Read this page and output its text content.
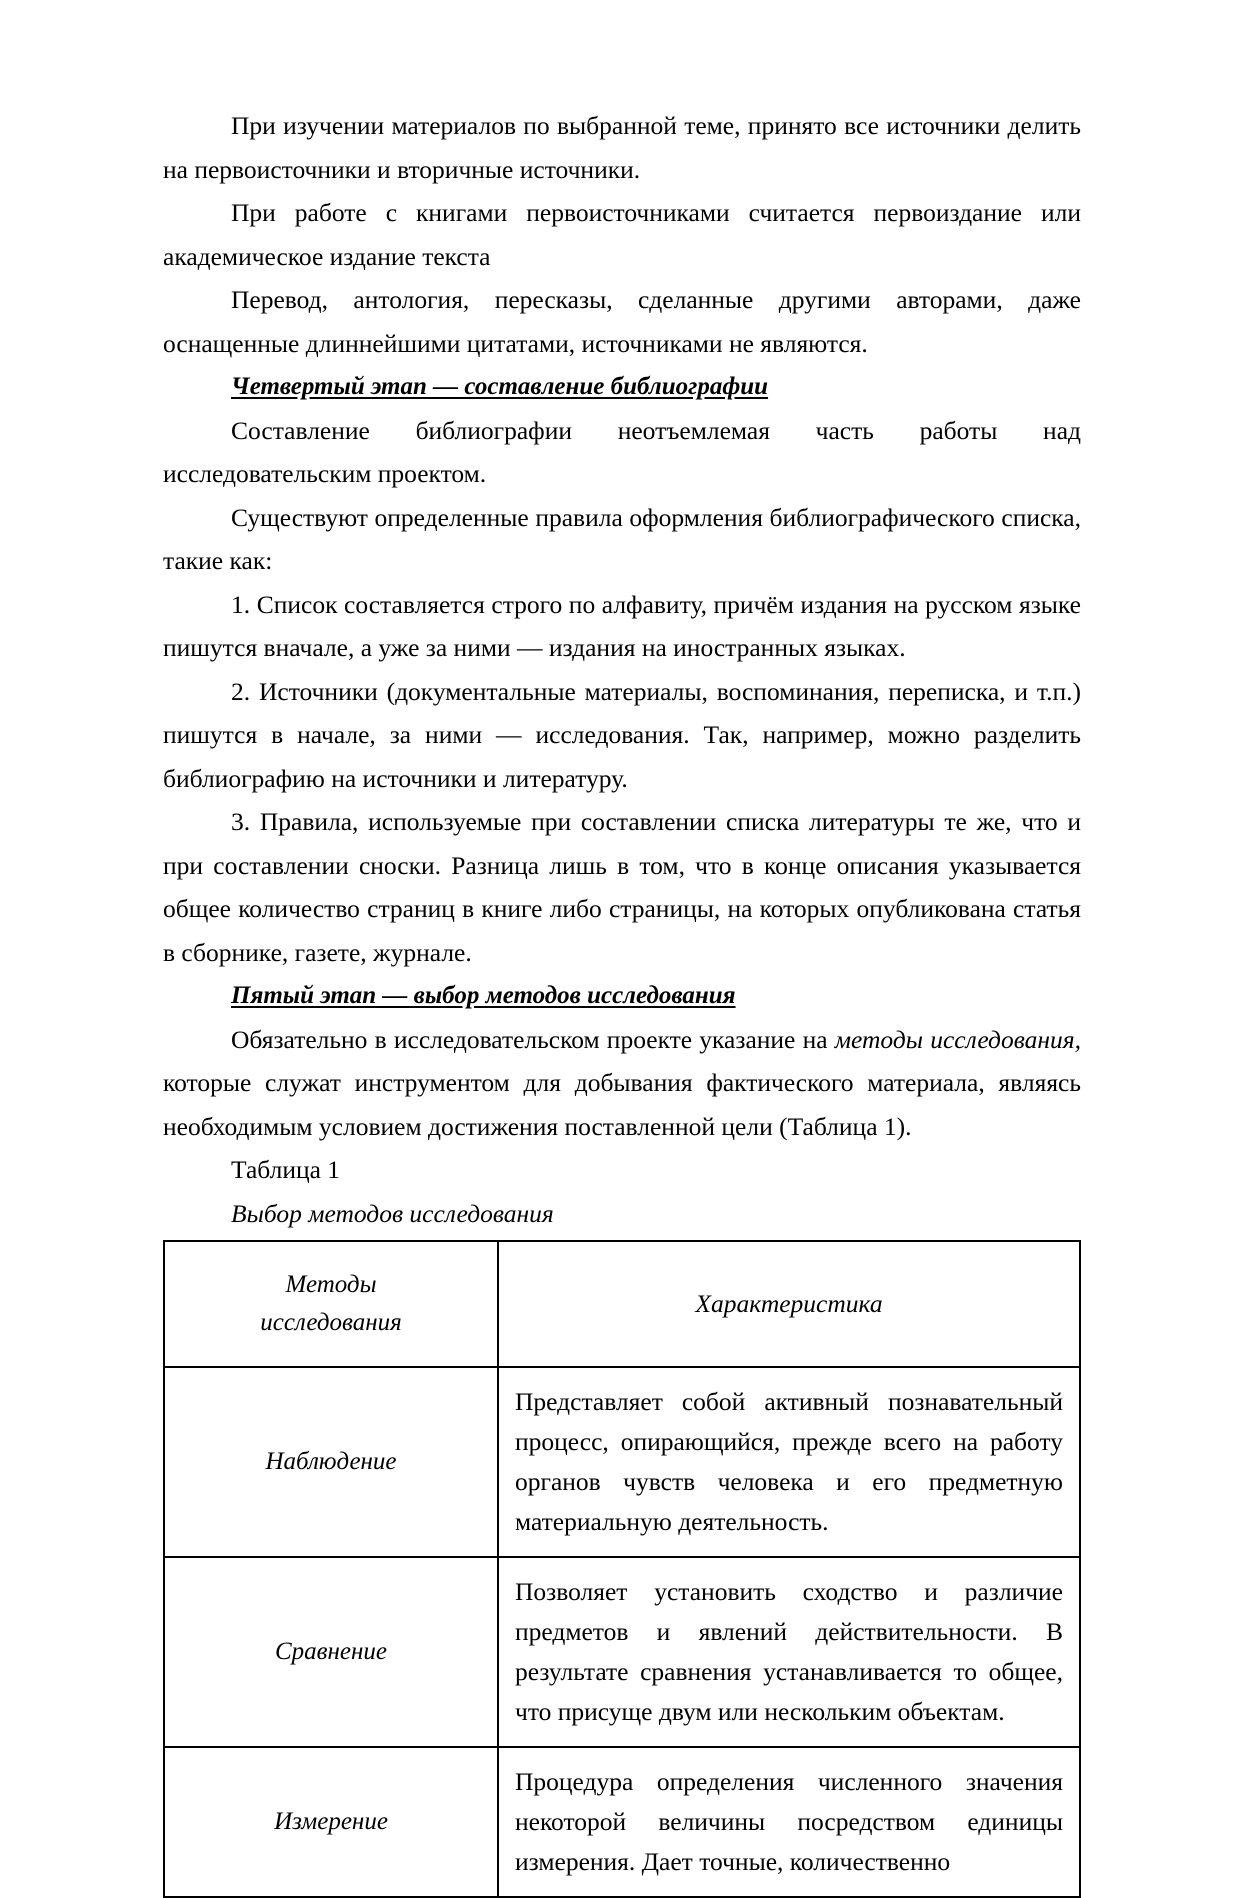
При изучении материалов по выбранной теме, принято все источники делить на первоисточники и вторичные источники.

При работе с книгами первоисточниками считается первоиздание или академическое издание текста

Перевод, антология, пересказы, сделанные другими авторами, даже оснащенные длиннейшими цитатами, источниками не являются.

Четвертый этап — составление библиографии

Составление библиографии неотъемлемая часть работы над исследовательским проектом.

Существуют определенные правила оформления библиографического списка, такие как:

1. Список составляется строго по алфавиту, причём издания на русском языке пишутся вначале, а уже за ними — издания на иностранных языках.

2. Источники (документальные материалы, воспоминания, переписка, и т.п.) пишутся в начале, за ними — исследования. Так, например, можно разделить библиографию на источники и литературу.

3. Правила, используемые при составлении списка литературы те же, что и при составлении сноски. Разница лишь в том, что в конце описания указывается общее количество страниц в книге либо страницы, на которых опубликована статья в сборнике, газете, журнале.

Пятый этап — выбор методов исследования

Обязательно в исследовательском проекте указание на методы исследования, которые служат инструментом для добывания фактического материала, являясь необходимым условием достижения поставленной цели (Таблица 1).

Таблица 1

Выбор методов исследования

Методы
исследования	Характеристика
Наблюдение	Представляет собой активный познавательный процесс, опирающийся, прежде всего на работу органов чувств человека и его предметную материальную деятельность.
Сравнение	Позволяет установить сходство и различие предметов и явлений действительности. В результате сравнения устанавливается то общее, что присуще двум или нескольким объектам.
Измерение	Процедура определения численного значения некоторой величины посредством единицы измерения. Дает точные, количественно
